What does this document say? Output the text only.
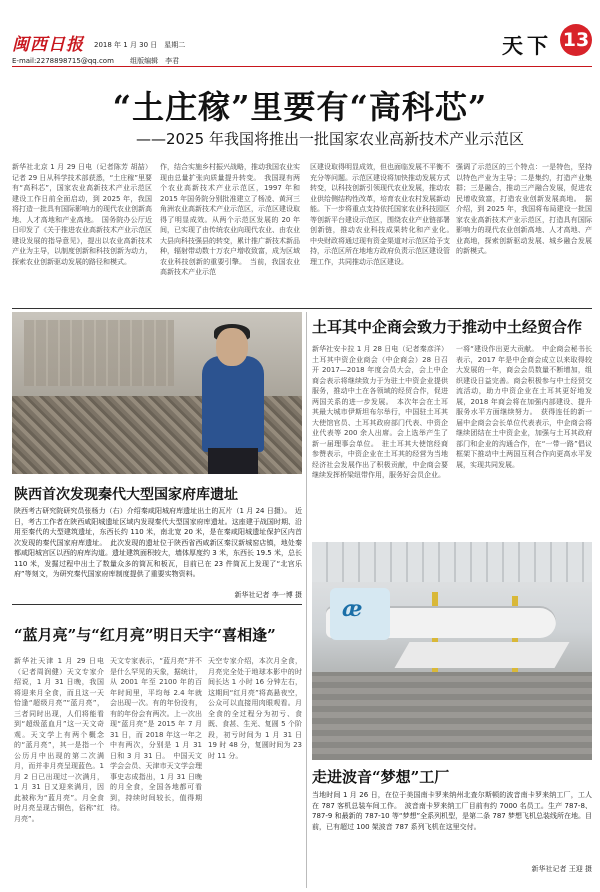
闽西日报 2018 年 1 月 30 日　星期二
E-mail:2278898715@qq.com 组版编辑　李君
天下 13
“土庄稼”里要有“高科芯”
——2025 年我国将推出一批国家农业高新技术产业示范区
新华社北京 1 月 29 日电（记者陈芳 胡喆）记者 29 日从科学技术部获悉，“土庄稼”里要有“高科芯”，国家农业高新技术产业示范区建设工作日前全面启动，到 2025 年，我国将打造一批具有国际影响力的现代农业创新高地、人才高地和产业高地。　国务院办公厅近日印发了《关于推进农业高新技术产业示范区建设发展的指导意见》，提出以农业高新技术产业为主导，以制度创新和科技创新为动力，探索农业创新驱动发展的路径和模式。
作，结合实施乡村振兴战略，推动我国农业实现由总量扩张向质量提升转变。　我国现有两个农业高新技术产业示范区，1997 年和 2015 年国务院分别批准建立了杨凌、黄河三角洲农业高新技术产业示范区，示范区建设取得了明显成效。从两个示范区发展的 20 年间，已实现了由传统农业向现代农业、由农业大县向科技强县的转变，累计推广新技术新品种，辐射带动数十万农户增收致富，成为区域农业科技创新的重要引擎。　当前，我国农业高新技术产业示范
区建设取得明显成效，但也面临发展不平衡不充分等问题。示范区建设将加快推动发展方式转变，以科技创新引领现代农业发展，推动农业供给侧结构性改革，培育农业农村发展新动能。下一步将重点支持依托国家农业科技园区等创新平台建设示范区，围绕农业产业链部署创新链，推动农业科技成果转化和产业化。　中央财政将通过现有资金渠道对示范区给予支持，示范区所在地地方政府负责示范区建设管理工作，共同推动示范区建设。
强调了示范区的三个特点：一是特色，坚持以特色产业为主导；二是集约，打造产业集群；三是融合，推动三产融合发展，促进农民增收致富，打造农业创新发展高地。　据介绍，到 2025 年，我国将布局建设一批国家农业高新技术产业示范区，打造具有国际影响力的现代农业创新高地、人才高地、产业高地，探索创新驱动发展、城乡融合发展的新模式。
陕西首次发现秦代大型国家府库遗址
陕西考古研究院研究员张杨力（右）介绍秦咸阳城府库遗址出土的瓦片（1 月 24 日摄）。　近日，考古工作者在陕西咸阳城遗址区域内发现秦代大型国家府库遗址。这座建于战国时期、沿用至秦代的大型建筑遗址，东西长约 110 米，南北宽 20 米，是在秦咸阳城遗址保护区内首次发现的秦代国家府库遗址。　此次发现的遗址位于陕西省西咸新区秦汉新城窑店镇，地处秦都咸阳城宫区以西的府库沟道。遗址建筑面积较大，墙体厚度约 3 米，东西长 19.5 米，总长 110 米，发掘过程中出土了数量众多的筒瓦和板瓦，目前已在 23 件筒瓦上发现了“北宫乐府”等刻文，为研究秦代国家府库制度提供了重要实物资料。
新华社记者 李一博 摄
“蓝月亮”与“红月亮”明日天宇“喜相逢”
新华社天津 1 月 29 日电（记者周润健）天文专家介绍说，1 月 31 日晚，我国将迎来月全食，而且这一天恰逢“超级月亮”“蓝月亮”，三者同时出现，人们将能看到“超级蓝血月”这一天文奇观。天文学上有两个概念的“蓝月亮”，其一是指一个公历月中出现的第二次满月，而并非月亮呈现蓝色。1 月 2 日已出现过一次满月，1 月 31 日又迎来满月，因此被称为“蓝月亮”。月全食时月亮呈现古铜色，俗称“红月亮”。
天文专家表示，“蓝月亮”并不是什么罕见的天象，据统计，从 2001 年至 2100 年的百年时间里，平均每 2.4 年就会出现一次。有的年份没有，有的年份会有两次。上一次出现“蓝月亮”是 2015 年 7 月 31 日，而 2018 年这一年之中有两次，分别是 1 月 31 日和 3 月 31 日。　中国天文学会会员、天津市天文学会理事史志成指出，1 月 31 日晚的月全食，全国各地都可看到，持续时间较长，值得期待。
天空专家介绍，本次月全食，月亮完全处于地球本影中的时间长达 1 小时 16 分钟左右，这期间“红月亮”将高悬夜空，公众可以直接用肉眼观看。月全食的全过程分为初亏、食既、食甚、生光、复圆 5 个阶段，初亏时间为 1 月 31 日 19 时 48 分，复圆时间为 23 时 11 分。
土耳其中企商会致力于推动中土经贸合作
新华社安卡拉 1 月 28 日电（记者秦彦洋）土耳其中资企业商会（中企商会）28 日召开 2017—2018 年度会员大会，会上中企商会表示将继续致力于为驻土中资企业提供服务，推动中土在各领域的经贸合作，促进两国关系的进一步发展。　本次年会在土耳其最大城市伊斯坦布尔举行，中国驻土耳其大使馆官员、土耳其政府部门代表、中资企业代表等 200 余人出席。会上选举产生了新一届理事会单位。　驻土耳其大使馆经商参赞表示，中资企业在土耳其的经营为当地经济社会发展作出了积极贡献，中企商会要继续发挥桥梁纽带作用，服务好会员企业。
一将“建设作出更大贡献。　中企商会秘书长表示，2017 年是中企商会成立以来取得较大发展的一年，商会会员数量不断增加，组织建设日益完善。商会积极参与中土经贸交流活动，助力中资企业在土耳其更好地发展，2018 年商会将在加强内部建设、提升服务水平方面继续努力。　获得连任的新一届中企商会会长单位代表表示，中企商会将继续团结在土中资企业，加强与土耳其政府部门和企业的沟通合作，在“一带一路”倡议框架下推动中土两国互利合作向更高水平发展，实现共同发展。
æ
走进波音“梦想”工厂
当地时间 1 月 26 日，在位于美国南卡罗来纳州北查尔斯顿的波音南卡罗来纳工厂，工人在 787 客机总装车间工作。　波音南卡罗来纳工厂目前有约 7000 名员工。生产 787-8、787-9 和最新的 787-10 等“梦想”全系列机型，是第二条 787 梦想飞机总装线所在地。目前，已有超过 100 架波音 787 系列飞机在这里交付。
新华社记者 王迎 摄
